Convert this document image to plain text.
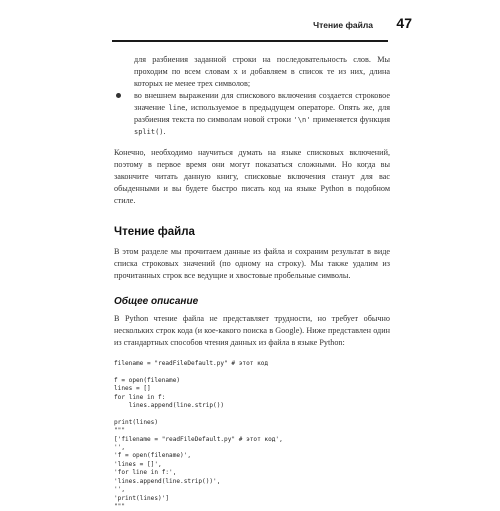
Чтение файла 47

для разбиения заданной строки на последовательность слов. Мы проходим по всем словам x и добавляем в список те из них, длина которых не менее трех символов;

во внешнем выражении для спискового включения создается строковое значение line, используемое в предыдущем операторе. Опять же, для разбиения текста по символам новой строки '\n' применяется функция split().

Конечно, необходимо научиться думать на языке списковых включений, поэтому в первое время они могут показаться сложными. Но когда вы закончите читать данную книгу, списковые включения станут для вас обыденными и вы будете быстро писать код на языке Python в подобном стиле.

Чтение файла

В этом разделе мы прочитаем данные из файла и сохраним результат в виде списка строковых значений (по одному на строку). Мы также удалим из прочитанных строк все ведущие и хвостовые пробельные символы.

Общее описание

В Python чтение файла не представляет трудности, но требует обычно нескольких строк кода (и кое-какого поиска в Google). Ниже представлен один из стандартных способов чтения данных из файла в языке Python:

filename = "readFileDefault.py" # этот код

f = open(filename)
lines = []
for line in f:
lines.append(line.strip())

print(lines)
"""
['filename = "readFileDefault.py" # этот код',
'',
'f = open(filename)',
'lines = []',
'for line in f:',
'lines.append(line.strip())',
'',
'print(lines)']
"""
